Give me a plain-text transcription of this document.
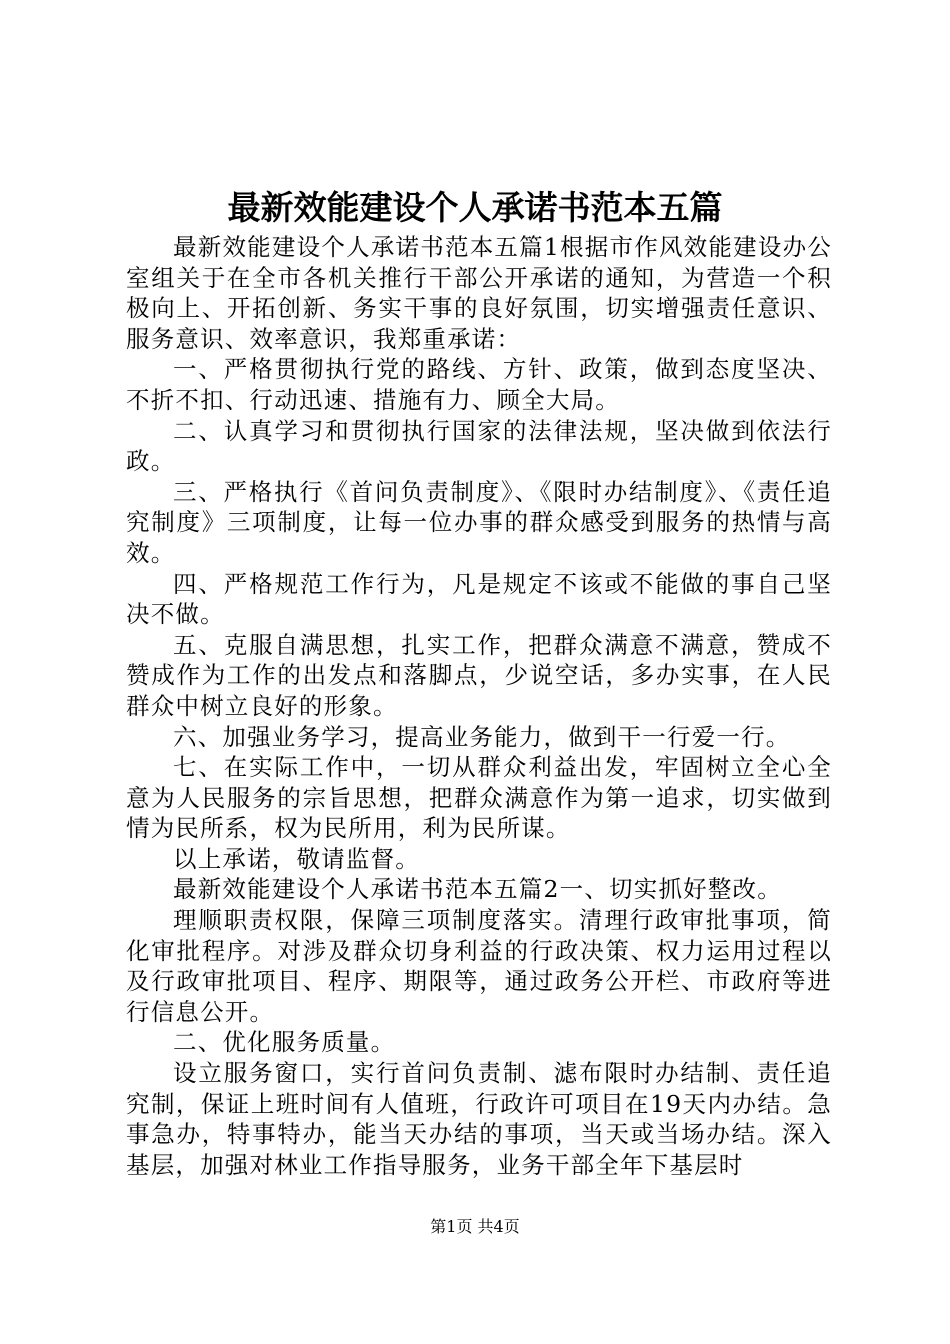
最新效能建设个人承诺书范本五篇

最新效能建设个人承诺书范本五篇1根据市作风效能建设办公室组关于在全市各机关推行干部公开承诺的通知，为营造一个积极向上、开拓创新、务实干事的良好氛围，切实增强责任意识、服务意识、效率意识，我郑重承诺：

一、严格贯彻执行党的路线、方针、政策，做到态度坚决、不折不扣、行动迅速、措施有力、顾全大局。

二、认真学习和贯彻执行国家的法律法规，坚决做到依法行政。

三、严格执行《首问负责制度》、《限时办结制度》、《责任追究制度》三项制度，让每一位办事的群众感受到服务的热情与高效。

四、严格规范工作行为，凡是规定不该或不能做的事自己坚决不做。

五、克服自满思想，扎实工作，把群众满意不满意，赞成不赞成作为工作的出发点和落脚点，少说空话，多办实事，在人民群众中树立良好的形象。

六、加强业务学习，提高业务能力，做到干一行爱一行。

七、在实际工作中，一切从群众利益出发，牢固树立全心全意为人民服务的宗旨思想，把群众满意作为第一追求，切实做到情为民所系，权为民所用，利为民所谋。

以上承诺，敬请监督。

最新效能建设个人承诺书范本五篇2一、切实抓好整改。

理顺职责权限，保障三项制度落实。清理行政审批事项，简化审批程序。对涉及群众切身利益的行政决策、权力运用过程以及行政审批项目、程序、期限等，通过政务公开栏、市政府等进行信息公开。

二、优化服务质量。

设立服务窗口，实行首问负责制、滤布限时办结制、责任追究制，保证上班时间有人值班，行政许可项目在19天内办结。急事急办，特事特办，能当天办结的事项，当天或当场办结。深入基层，加强对林业工作指导服务，业务干部全年下基层时

第1页 共4页
